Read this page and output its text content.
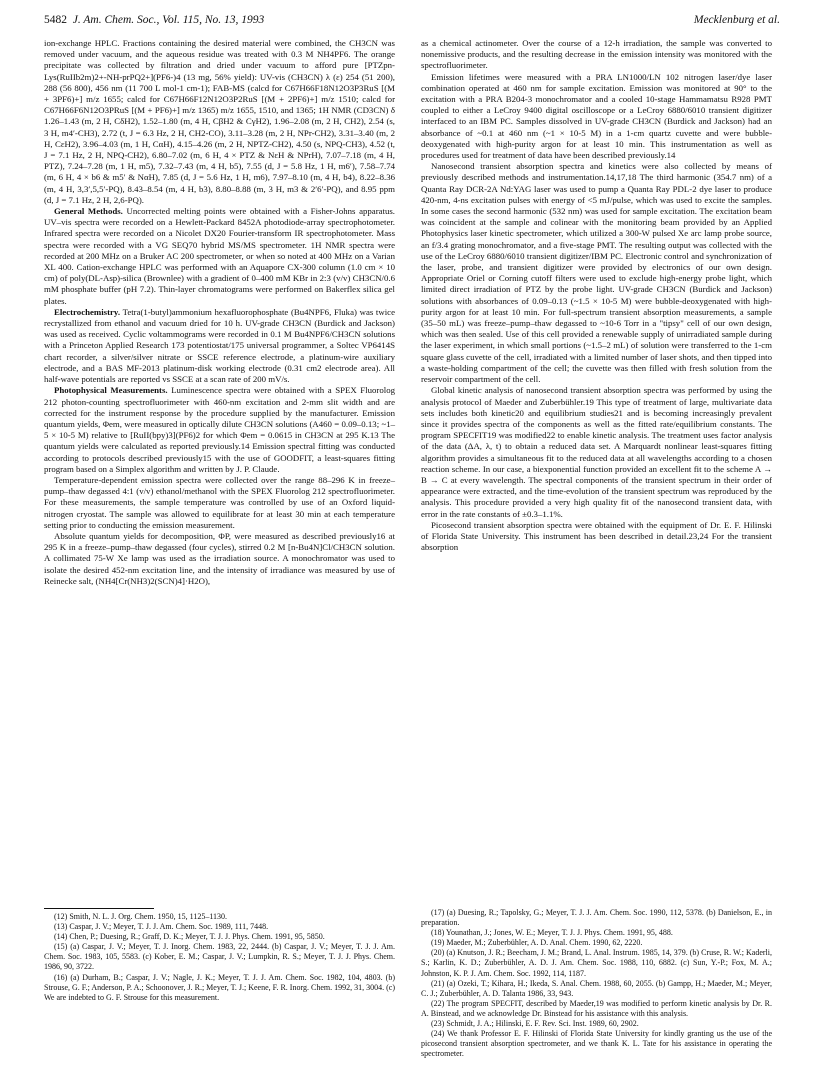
5482 J. Am. Chem. Soc., Vol. 115, No. 13, 1993	Mecklenburg et al.

ion-exchange HPLC. Fractions containing the desired material were combined, the CH3CN was removed under vacuum, and the aqueous residue was treated with 0.3 M NH4PF6. The orange precipitate was collected by filtration and dried under vacuum to afford pure [PTZpn-Lys(RuIIb2m)2+-NH-prPQ2+](PF6-)4 (13 mg, 56% yield): UV-vis (CH3CN) λ (ε) 254 (51 200), 288 (56 800), 456 nm (11 700 L mol-1 cm-1); FAB-MS (calcd for C67H66F18N12O3P3RuS [(M + 3PF6)+] m/z 1655; calcd for C67H66F12N12O3P2RuS [(M + 2PF6)+] m/z 1510; calcd for C67H66F6N12O3PRuS [(M + PF6)+] m/z 1365) m/z 1655, 1510, and 1365; 1H NMR (CD3CN) δ 1.26–1.43 (m, 2 H, CδH2), 1.52–1.80 (m, 4 H, CβH2 & CγH2), 1.96–2.08 (m, 2 H, CH2), 2.54 (s, 3 H, m4′-CH3), 2.72 (t, J = 6.3 Hz, 2 H, CH2-CO), 3.11–3.28 (m, 2 H, NPr-CH2), 3.31–3.40 (m, 2 H, CεH2), 3.96–4.03 (m, 1 H, CαH), 4.15–4.26 (m, 2 H, NPTZ-CH2), 4.50 (s, NPQ-CH3), 4.52 (t, J = 7.1 Hz, 2 H, NPQ-CH2), 6.80–7.02 (m, 6 H, 4 × PTZ & NεH & NPrH), 7.07–7.18 (m, 4 H, PTZ), 7.24–7.28 (m, 1 H, m5), 7.32–7.43 (m, 4 H, b5), 7.55 (d, J = 5.8 Hz, 1 H, m6′), 7.58–7.74 (m, 6 H, 4 × b6 & m5′ & NαH), 7.85 (d, J = 5.6 Hz, 1 H, m6), 7.97–8.10 (m, 4 H, b4), 8.22–8.36 (m, 4 H, 3,3′,5,5′-PQ), 8.43–8.54 (m, 4 H, b3), 8.80–8.88 (m, 3 H, m3 & 2′6′-PQ), and 8.95 ppm (d, J = 7.1 Hz, 2 H, 2,6-PQ).

General Methods. Uncorrected melting points were obtained with a Fisher-Johns apparatus. UV–vis spectra were recorded on a Hewlett-Packard 8452A photodiode-array spectrophotometer. Infrared spectra were recorded on a Nicolet DX20 Fourier-transform IR spectrophotometer. Mass spectra were recorded with a VG SEQ70 hybrid MS/MS spectrometer. 1H NMR spectra were recorded at 200 MHz on a Bruker AC 200 spectrometer, or when so noted at 400 MHz on a Varian XL 400. Cation-exchange HPLC was performed with an Aquapore CX-300 column (1.0 cm × 10 cm) of poly(DL-Asp)-silica (Brownlee) with a gradient of 0–400 mM KBr in 2:3 (v/v) CH3CN/0.6 mM phosphate buffer (pH 7.2). Thin-layer chromatograms were performed on Bakerflex silica gel plates.

Electrochemistry. Tetra(1-butyl)ammonium hexafluorophosphate (Bu4NPF6, Fluka) was twice recrystallized from ethanol and vacuum dried for 10 h. UV-grade CH3CN (Burdick and Jackson) was used as received. Cyclic voltammograms were recorded in 0.1 M Bu4NPF6/CH3CN solutions with a Princeton Applied Research 173 potentiostat/175 universal programmer, a Soltec VP6414S chart recorder, a silver/silver nitrate or SSCE reference electrode, a platinum-wire auxiliary electrode, and a BAS MF-2013 platinum-disk working electrode (0.31 cm2 electrode area). All half-wave potentials are reported vs SSCE at a scan rate of 200 mV/s.

Photophysical Measurements. Luminescence spectra were obtained with a SPEX Fluorolog 212 photon-counting spectrofluorimeter with 460-nm excitation and 2-mm slit width and are corrected for the instrument response by the procedure supplied by the manufacturer. Emission quantum yields, Φem, were measured in optically dilute CH3CN solutions (A460 = 0.09–0.13; ~1–5 × 10-5 M) relative to [RuII(bpy)3](PF6)2 for which Φem = 0.0615 in CH3CN at 295 K.13 The quantum yields were calculated as reported previously.14 Emission spectral fitting was conducted according to protocols described previously15 with the use of GOODFIT, a least-squares fitting program based on a Simplex algorithm and written by J. P. Claude.

Temperature-dependent emission spectra were collected over the range 88–296 K in freeze–pump–thaw degassed 4:1 (v/v) ethanol/methanol with the SPEX Fluorolog 212 spectrofluorimeter. For these measurements, the sample temperature was controlled by use of an Oxford liquid-nitrogen cryostat. The sample was allowed to equilibrate for at least 30 min at each temperature setting prior to conducting the emission measurement.

Absolute quantum yields for decomposition, ΦP, were measured as described previously16 at 295 K in a freeze–pump–thaw degassed (four cycles), stirred 0.2 M [n-Bu4N]Cl/CH3CN solution. A collimated 75-W Xe lamp was used as the irradiation source. A monochromator was used to isolate the desired 452-nm excitation line, and the intensity of irradiance was measured by use of Reinecke salt, (NH4[Cr(NH3)2(SCN)4]·H2O),

as a chemical actinometer. Over the course of a 12-h irradiation, the sample was converted to nonemissive products, and the resulting decrease in the emission intensity was monitored with the spectrofluorimeter.

Emission lifetimes were measured with a PRA LN1000/LN 102 nitrogen laser/dye laser combination operated at 460 nm for sample excitation. Emission was monitored at 90° to the excitation with a PRA B204-3 monochromator and a cooled 10-stage Hammamatsu R928 PMT coupled to either a LeCroy 9400 digital oscilloscope or a LeCroy 6880/6010 transient digitizer interfaced to an IBM PC. Samples dissolved in UV-grade CH3CN (Burdick and Jackson) had an absorbance of ~0.1 at 460 nm (~1 × 10-5 M) in a 1-cm quartz cuvette and were bubble-deoxygenated with high-purity argon for at least 10 min. This instrumentation as well as procedures used for treatment of data have been described previously.14

Nanosecond transient absorption spectra and kinetics were also collected by means of previously described methods and instrumentation.14,17,18 The third harmonic (354.7 nm) of a Quanta Ray DCR-2A Nd:YAG laser was used to pump a Quanta Ray PDL-2 dye laser to produce 420-nm, 4-ns excitation pulses with energy of <5 mJ/pulse, which was used to excite the samples. In some cases the second harmonic (532 nm) was used for sample excitation. The excitation beam was coincident at the sample and colinear with the monitoring beam provided by an Applied Photophysics laser kinetic spectrometer, which utilized a 300-W pulsed Xe arc lamp probe source, an f/3.4 grating monochromator, and a five-stage PMT. The resulting output was collected with the use of the LeCroy 6880/6010 transient digitizer/IBM PC. Electronic control and synchronization of the laser, probe, and transient digitizer were provided by electronics of our own design. Appropriate Oriel or Corning cutoff filters were used to exclude high-energy probe light, which limited direct irradiation of PTZ by the probe light. UV-grade CH3CN (Burdick and Jackson) solutions with absorbances of 0.09–0.13 (~1.5 × 10-5 M) were bubble-deoxygenated with high-purity argon for at least 10 min. For full-spectrum transient absorption measurements, a sample (35–50 mL) was freeze–pump–thaw degassed to ~10-6 Torr in a "tipsy" cell of our own design, which was then sealed. Use of this cell provided a renewable supply of unirradiated sample during the laser experiment, in which small portions (~1.5–2 mL) of solution were transferred to the 1-cm square glass cuvette of the cell, irradiated with a limited number of laser shots, and then tipped into a waste-holding compartment of the cell; the cuvette was then filled with fresh solution from the reservoir compartment of the cell.

Global kinetic analysis of nanosecond transient absorption spectra was performed by using the analysis protocol of Maeder and Zuberbühler.19 This type of treatment of large, multivariate data sets includes both kinetic20 and equilibrium studies21 and is becoming increasingly prevalent since it provides spectra of the components as well as the fitted rate/equilibrium constants. The program SPECFIT19 was modified22 to enable kinetic analysis. The treatment uses factor analysis of the data (ΔA, λ, t) to obtain a reduced data set. A Marquardt nonlinear least-squares fitting algorithm provides a simultaneous fit to the reduced data at all wavelengths according to a chosen reaction scheme. In our case, a biexponential function provided an excellent fit to the scheme A → B → C at every wavelength. The spectral components of the transient spectrum in their order of appearance were extracted, and the time-evolution of the transient spectrum was reproduced by the analysis. This procedure provided a very high quality fit of the nanosecond transient data, with error in the rate constants of ±0.3–1.1%.

Picosecond transient absorption spectra were obtained with the equipment of Dr. E. F. Hilinski of Florida State University. This instrument has been described in detail.23,24 For the transient absorption

(12) Smith, N. L. J. Org. Chem. 1950, 15, 1125–1130.

(13) Caspar, J. V.; Meyer, T. J. J. Am. Chem. Soc. 1989, 111, 7448.

(14) Chen, P.; Duesing, R.; Graff, D. K.; Meyer, T. J. J. Phys. Chem. 1991, 95, 5850.

(15) (a) Caspar, J. V.; Meyer, T. J. Inorg. Chem. 1983, 22, 2444. (b) Caspar, J. V.; Meyer, T. J. J. Am. Chem. Soc. 1983, 105, 5583. (c) Kober, E. M.; Caspar, J. V.; Lumpkin, R. S.; Meyer, T. J. J. Phys. Chem. 1986, 90, 3722.

(16) (a) Durham, B.; Caspar, J. V.; Nagle, J. K.; Meyer, T. J. J. Am. Chem. Soc. 1982, 104, 4803. (b) Strouse, G. F.; Anderson, P. A.; Schoonover, J. R.; Meyer, T. J.; Keene, F. R. Inorg. Chem. 1992, 31, 3004. (c) We are indebted to G. F. Strouse for this measurement.

(17) (a) Duesing, R.; Tapolsky, G.; Meyer, T. J. J. Am. Chem. Soc. 1990, 112, 5378. (b) Danielson, E., in preparation.

(18) Younathan, J.; Jones, W. E.; Meyer, T. J. J. Phys. Chem. 1991, 95, 488.

(19) Maeder, M.; Zuberbühler, A. D. Anal. Chem. 1990, 62, 2220.

(20) (a) Knutson, J. R.; Beecham, J. M.; Brand, L. Anal. Instrum. 1985, 14, 379. (b) Cruse, R. W.; Kaderli, S.; Karlin, K. D.; Zuberbühler, A. D. J. Am. Chem. Soc. 1988, 110, 6882. (c) Sun, Y.-P.; Fox, M. A.; Johnston, K. P. J. Am. Chem. Soc. 1992, 114, 1187.

(21) (a) Ozeki, T.; Kihara, H.; Ikeda, S. Anal. Chem. 1988, 60, 2055. (b) Gampp, H.; Maeder, M.; Meyer, C. J.; Zuberbühler, A. D. Talanta 1986, 33, 943.

(22) The program SPECFIT, described by Maeder,19 was modified to perform kinetic analysis by Dr. R. A. Binstead, and we acknowledge Dr. Binstead for his assistance with this analysis.

(23) Schmidt, J. A.; Hilinski, E. F. Rev. Sci. Inst. 1989, 60, 2902.

(24) We thank Professor E. F. Hilinski of Florida State University for kindly granting us the use of the picosecond transient absorption spectrometer, and we thank K. L. Tate for his assistance in operating the spectrometer.
